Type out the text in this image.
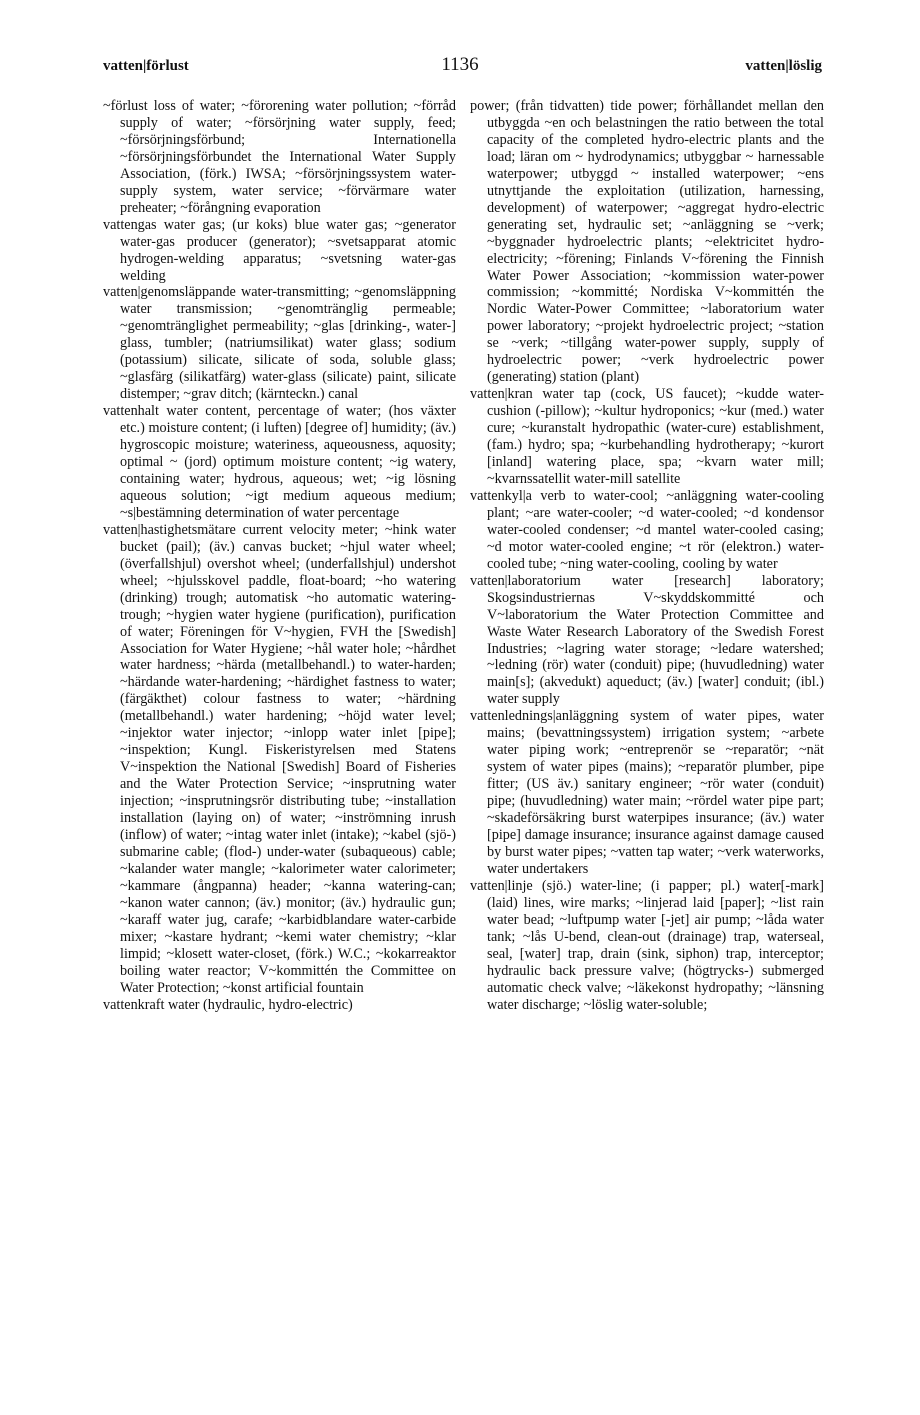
vatten|förlust	1136	vatten|löslig

~förlust loss of water; ~förorening water pollution; ~förråd supply of water; ~försörjning water supply, feed; ~försörjningsförbund; Internationella ~försörjningsförbundet the International Water Supply Association, (förk.) IWSA; ~försörjningssystem water-supply system, water service; ~förvärmare water preheater; ~förångning evaporation

vattengas water gas; (ur koks) blue water gas; ~generator water-gas producer (generator); ~svetsapparat atomic hydrogen-welding apparatus; ~svetsning water-gas welding

vatten|genomsläppande water-transmitting; ~genomsläppning water transmission; ~genomtränglig permeable; ~genomtränglighet permeability; ~glas [drinking-, water-] glass, tumbler; (natriumsilikat) water glass; sodium (potassium) silicate, silicate of soda, soluble glass; ~glasfärg (silikatfärg) water-glass (silicate) paint, silicate distemper; ~grav ditch; (kärnteckn.) canal

vattenhalt water content, percentage of water; (hos växter etc.) moisture content; (i luften) [degree of] humidity; (äv.) hygroscopic moisture; wateriness, aqueousness, aquosity; optimal ~ (jord) optimum moisture content; ~ig watery, containing water; hydrous, aqueous; wet; ~ig lösning aqueous solution; ~igt medium aqueous medium; ~s|bestämning determination of water percentage

vatten|hastighetsmätare current velocity meter; ~hink water bucket (pail); (äv.) canvas bucket; ~hjul water wheel; (överfallshjul) overshot wheel; (underfallshjul) undershot wheel; ~hjulsskovel paddle, float-board; ~ho watering (drinking) trough; automatisk ~ho automatic watering-trough; ~hygien water hygiene (purification), purification of water; Föreningen för V~hygien, FVH the [Swedish] Association for Water Hygiene; ~hål water hole; ~hårdhet water hardness; ~härda (metallbehandl.) to water-harden; ~härdande water-hardening; ~härdighet fastness to water; (färgäkthet) colour fastness to water; ~härdning (metallbehandl.) water hardening; ~höjd water level; ~injektor water injector; ~inlopp water inlet [pipe]; ~inspektion; Kungl. Fiskeristyrelsen med Statens V~inspektion the National [Swedish] Board of Fisheries and the Water Protection Service; ~insprutning water injection; ~insprutningsrör distributing tube; ~installation installation (laying on) of water; ~inströmning inrush (inflow) of water; ~intag water inlet (intake); ~kabel (sjö-) submarine cable; (flod-) under-water (subaqueous) cable; ~kalander water mangle; ~kalorimeter water calorimeter; ~kammare (ångpanna) header; ~kanna watering-can; ~kanon water cannon; (äv.) monitor; (äv.) hydraulic gun; ~karaff water jug, carafe; ~karbidblandare water-carbide mixer; ~kastare hydrant; ~kemi water chemistry; ~klar limpid; ~klosett water-closet, (förk.) W.C.; ~kokarreaktor boiling water reactor; V~kommittén the Committee on Water Protection; ~konst artificial fountain

vattenkraft water (hydraulic, hydro-electric)

power; (från tidvatten) tide power; förhållandet mellan den utbyggda ~en och belastningen the ratio between the total capacity of the completed hydro-electric plants and the load; läran om ~ hydrodynamics; utbyggbar ~ harnessable waterpower; utbyggd ~ installed waterpower; ~ens utnyttjande the exploitation (utilization, harnessing, development) of waterpower; ~aggregat hydro-electric generating set, hydraulic set; ~anläggning se ~verk; ~byggnader hydroelectric plants; ~elektricitet hydro-electricity; ~förening; Finlands V~förening the Finnish Water Power Association; ~kommission water-power commission; ~kommitté; Nordiska V~kommittén the Nordic Water-Power Committee; ~laboratorium water power laboratory; ~projekt hydroelectric project; ~station se ~verk; ~tillgång water-power supply, supply of hydroelectric power; ~verk hydroelectric power (generating) station (plant)

vatten|kran water tap (cock, US faucet); ~kudde water-cushion (-pillow); ~kultur hydroponics; ~kur (med.) water cure; ~kuranstalt hydropathic (water-cure) establishment, (fam.) hydro; spa; ~kurbehandling hydrotherapy; ~kurort [inland] watering place, spa; ~kvarn water mill; ~kvarnssatellit water-mill satellite

vattenkyl|a verb to water-cool; ~anläggning water-cooling plant; ~are water-cooler; ~d water-cooled; ~d kondensor water-cooled condenser; ~d mantel water-cooled casing; ~d motor water-cooled engine; ~t rör (elektron.) water-cooled tube; ~ning water-cooling, cooling by water

vatten|laboratorium water [research] laboratory; Skogsindustriernas V~skyddskommitté och V~laboratorium the Water Protection Committee and Waste Water Research Laboratory of the Swedish Forest Industries; ~lagring water storage; ~ledare watershed; ~ledning (rör) water (conduit) pipe; (huvudledning) water main[s]; (akvedukt) aqueduct; (äv.) [water] conduit; (ibl.) water supply

vattenlednings|anläggning system of water pipes, water mains; (bevattningssystem) irrigation system; ~arbete water piping work; ~entreprenör se ~reparatör; ~nät system of water pipes (mains); ~reparatör plumber, pipe fitter; (US äv.) sanitary engineer; ~rör water (conduit) pipe; (huvudledning) water main; ~rördel water pipe part; ~skadeförsäkring burst waterpipes insurance; (äv.) water [pipe] damage insurance; insurance against damage caused by burst water pipes; ~vatten tap water; ~verk waterworks, water undertakers

vatten|linje (sjö.) water-line; (i papper; pl.) water[-mark] (laid) lines, wire marks; ~linjerad laid [paper]; ~list rain water bead; ~luftpump water [-jet] air pump; ~låda water tank; ~lås U-bend, clean-out (drainage) trap, waterseal, seal, [water] trap, drain (sink, siphon) trap, interceptor; hydraulic back pressure valve; (högtrycks-) submerged automatic check valve; ~läkekonst hydropathy; ~länsning water discharge; ~löslig water-soluble;
